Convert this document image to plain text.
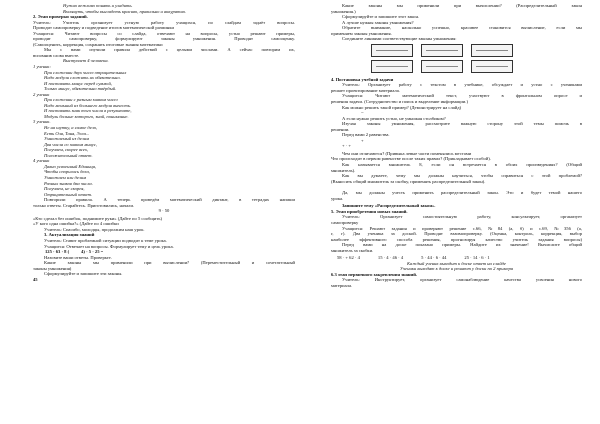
Нужно вежливо понять и уладить.
Взглянуть, чтобы выгладеть красиво, правильно и аккуратно.
2. Этап проверки заданий.
Учитель: Учитель организует устную работу учащихся, по слайдам задаёт вопросы.
Проводит самопроверку и подведение итогов математической разминки
Учащиеся: Читают вопросы со слайда, отвечают на вопросы, устно решают примеры,
проводят самопроверку, формулируют законы умножения. Проводят самооценку.
(Самооценить, коррекция, сохранять итоговые знания математики
Мы с вами изучили правила действий с целыми числами. А сейчас повторим их,
вспомнив слова вместе.
Выступает 4 человека.
1 ученик:
При сложении двух чисел отрицательных
Надо модули сложить их обязательно.
И поставить минус перед суммой,
Только минус, обязательно твёрдый.
2 ученик
При сложении с разным знаком чисел
Надо меньший из большего модуля вычесть.
И поставить знак того числа в результате,
Модуль больше которого, знай, понимание.
3 ученик.
Не на шутку, а самое дело,
Есть Оля, Таня, Элла...
Умножаемый из делим
Два числа со знаком минус,
Получаем, скорее всех,
Положительный ответ.
4 ученик
Давно усвоенный Единица,
Чтобы спорились дела,
Умножаем или делим
Разных знаков два числа.
Получаем, не скорея,
Отрицательный ответ.
Повторили правила. А теперь проведём математический диктант, в тетрадях напиши
только ответы. Старайтесь. Приготовились, начали.
9 · 50
«Кто сделал без ошибок, поднимите руки» (Дайте по 5 сообщить)
«У кого одна ошибка?» (Дайте по 4 ошибки
Учитель: Спасибо, молодцы, продолжим наш урок.
3. Актуализация знаний
Учитель: Ставит проблемной ситуации подводит к теме урока.
Учащиеся: Отвечает на вопросы. Формулирует тему и цель урока.
125 · 63 · 8 (	4) · 5 · 25 =
Назовите ваши ответы. Проверьте.
Какие законы мы применили при вычислении? (Переместительный и сочетательный
законы умножения)
Сформулируйте и запишите эти законы.
45
Какие законы мы применили при вычислении? (Распределительный закон
умножения.)
Сформулируйте и запишите этот закон.
А лучше нужны законы умножения?
Обратите внимание, насколько успешно, красивее становится вычисление, если мы
применяем законы умножения.
Соедините линиями соответствующие законы умножения:
4. Постановка учебной задачи
Учитель: Организует работу с текстом в учебнике, обсуждает и устно с учениками
решает проектирование материала.
Учащиеся: Читают математический текст, участвуют в фронтальном опросе и
решения задачи. (Сотрудничество и поиск и выделение информации.)
Как можно решить такой пример? (Демонстрирует на слайд)
~
А если нужно решить устно, не умножая столбиком?
Изучая законы умножения, рассмотрите важную сторону этой темы помочь в
решении.
Перед вами 2 равенства.
+
+ · +
Чем они отличаются? (Привыка левые части поменялись местами
Что происходит в первом равенстве после таких правил? (Прикладывает особой).
Как называется множитель 8, если он встречается в обоих произведениях? (Общий
множитель).
Как вы думаете, чему мы должны научиться, чтобы справиться с этой проблемой?
(Выносить общий множитель за скобку, применять распределительный закон).
Да, мы должны учесть применить распределительный закон. Это и будет темой нашего
урока.
Запишите тему «Распределительный закон».
5. Этап приобретения новых знаний.
Учитель: Организует самостоятельную работу, консультирует, организует
самопроверку
Учащиеся: Решают задания и проверяют решение с.66, №84 (а, б) и с.69, №356 (а,
г, г). Два ученика за доской. Проводят взаимопроверку. (Оценка, контроль, коррекция, выбор
наиболее эффективного способа решения, прогнозируя качество учитель задания вопросы)
Перед вами на доске показано примеры. Найдите их значение! Вычислите общий
множитель за скобки.
58 · + 62 · 4	15 · 4 · 46 · 4	5 · 44 · 6 · 44	25 · 14 · 6 · 1
Каждый ученик выходит к доске ответ на слайде
Ученики выходят к доске и решают у доски по 2 примера
6.3 этап первичного закрепления знаний.
Учитель: Инструктирует, организует самонаблюдение качества усвоения нового
материала.
